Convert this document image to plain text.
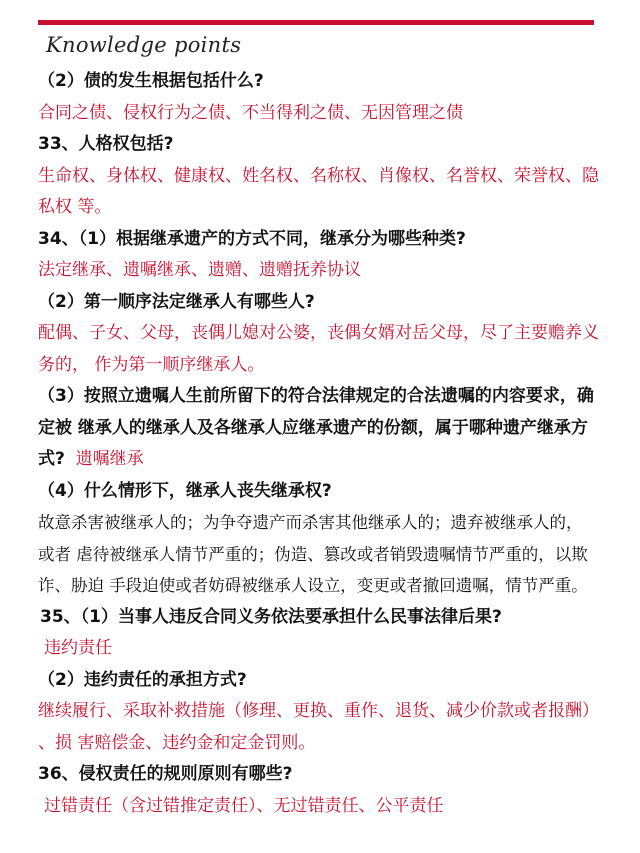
Knowledge points

（2）债的发生根据包括什么?

合同之债、侵权行为之债、不当得利之债、无因管理之债

33、人格权包括?

生命权、身体权、健康权、姓名权、名称权、肖像权、名誉权、荣誉权、隐

私权 等。

34、（1）根据继承遗产的方式不同，继承分为哪些种类?

法定继承、遗嘱继承、遗赠、遗赠抚养协议

（2）第一顺序法定继承人有哪些人?

配偶、子女、父母，丧偶儿媳对公婆，丧偶女婿对岳父母，尽了主要赡养义

务的， 作为第一顺序继承人。

（3）按照立遗嘱人生前所留下的符合法律规定的合法遗嘱的内容要求，确

定被 继承人的继承人及各继承人应继承遗产的份额，属于哪种遗产继承方

式? 遗嘱继承

（4）什么情形下，继承人丧失继承权?

故意杀害被继承人的；为争夺遗产而杀害其他继承人的；遗弃被继承人的，

或者 虐待被继承人情节严重的；伪造、篡改或者销毁遗嘱情节严重的，以欺

诈、胁迫 手段迫使或者妨碍被继承人设立，变更或者撤回遗嘱，情节严重。

35、（1）当事人违反合同义务依法要承担什么民事法律后果?

违约责任

（2）违约责任的承担方式?

继续履行、采取补救措施（修理、更换、重作、退货、减少价款或者报酬）

、损 害赔偿金、违约金和定金罚则。

36、侵权责任的规则原则有哪些?

过错责任（含过错推定责任）、无过错责任、公平责任
